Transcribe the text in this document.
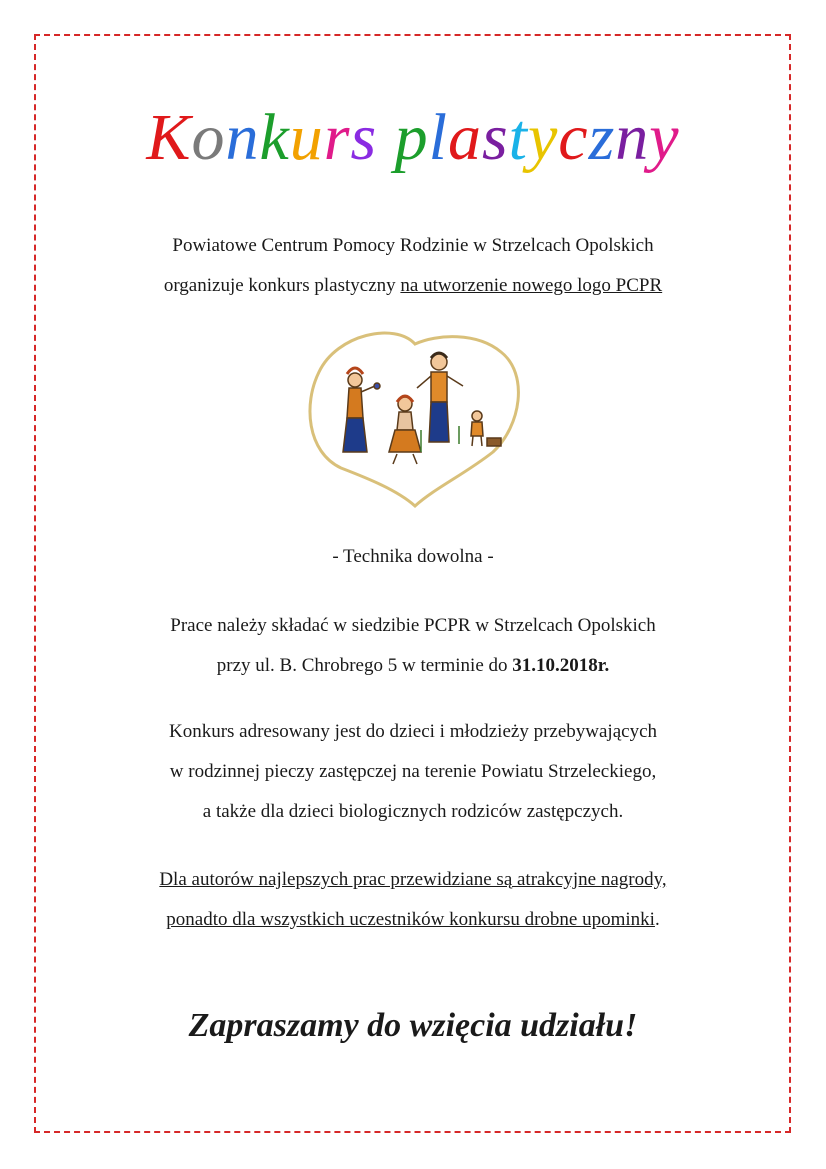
Konkurs plastyczny
Powiatowe Centrum Pomocy Rodzinie w Strzelcach Opolskich
organizuje konkurs plastyczny na utworzenie nowego logo PCPR
- Technika dowolna -
Prace należy składać w siedzibie PCPR w Strzelcach Opolskich
przy ul. B. Chrobrego 5 w terminie do 31.10.2018r.
Konkurs adresowany jest do dzieci i młodzieży przebywających
w rodzinnej pieczy zastępczej na terenie Powiatu Strzeleckiego,
a także dla dzieci biologicznych rodziców zastępczych.
Dla autorów najlepszych prac przewidziane są atrakcyjne nagrody,
ponadto dla wszystkich uczestników konkursu drobne upominki.
Zapraszamy do wzięcia udziału!
